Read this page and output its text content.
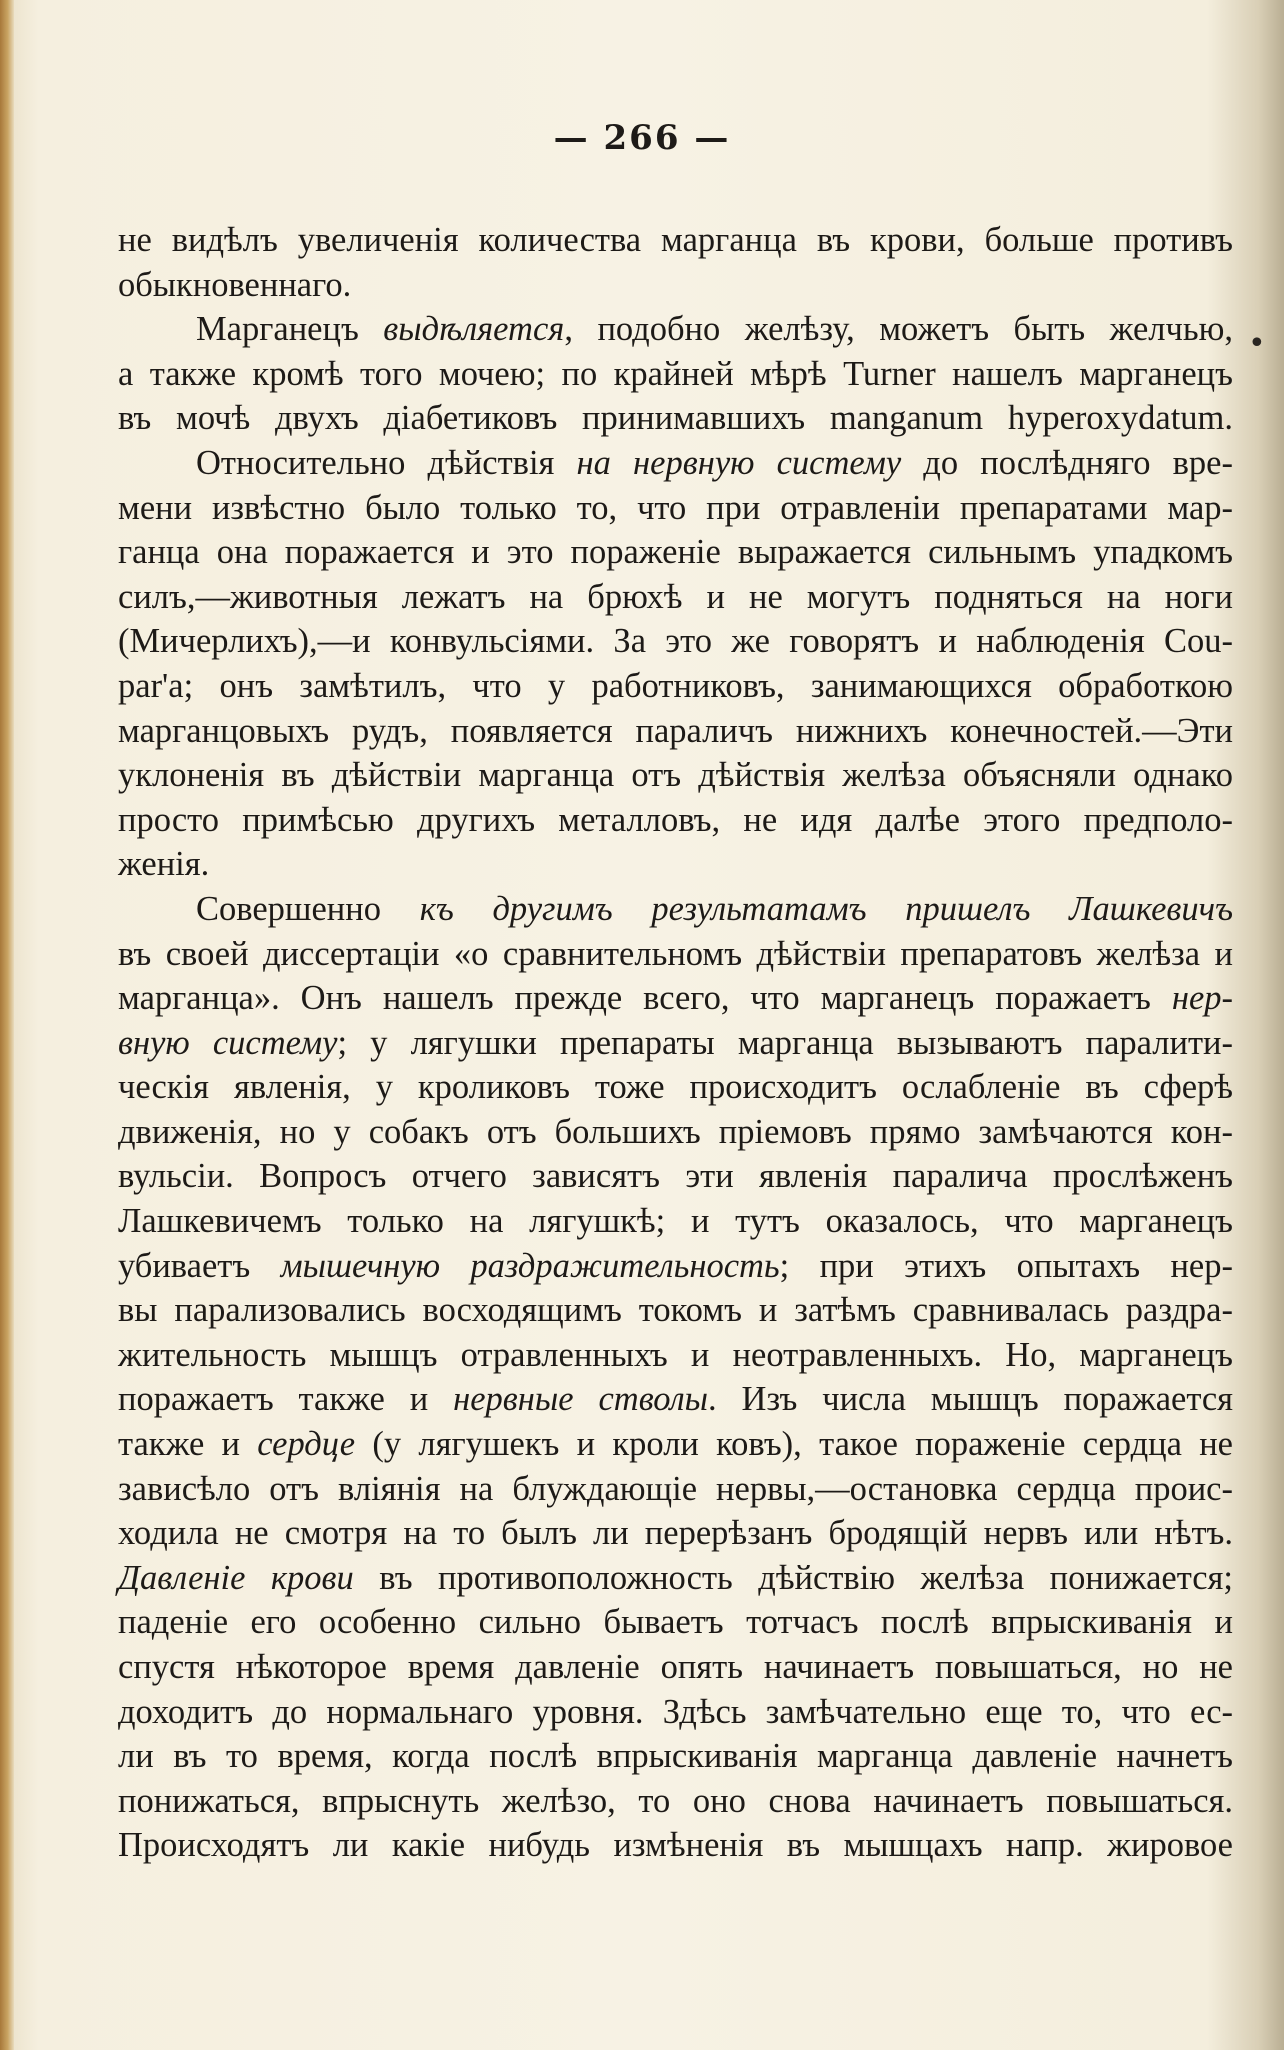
— 266 —
•
не видѣлъ увеличенія количества марганца въ крови, больше противъ
обыкновеннаго.
Марганецъ выдѣляется, подобно желѣзу, можетъ быть желчью,
а также кромѣ того мочею; по крайней мѣрѣ Turner нашелъ марганецъ
въ мочѣ двухъ діабетиковъ принимавшихъ manganum hyperoxydatum.
Относительно дѣйствія на нервную систему до послѣдняго вре-
мени извѣстно было только то, что при отравленіи препаратами мар-
ганца она поражается и это пораженіе выражается сильнымъ упадкомъ
силъ,—животныя лежатъ на брюхѣ и не могутъ подняться на ноги
(Мичерлихъ),—и конвульсіями. За это же говорятъ и наблюденія Cou-
par'a; онъ замѣтилъ, что у работниковъ, занимающихся обработкою
марганцовыхъ рудъ, появляется параличъ нижнихъ конечностей.—Эти
уклоненія въ дѣйствіи марганца отъ дѣйствія желѣза объясняли однако
просто примѣсью другихъ металловъ, не идя далѣе этого предполо-
женія.
Совершенно къ другимъ результатамъ пришелъ Лашкевичъ
въ своей диссертаціи «о сравнительномъ дѣйствіи препаратовъ желѣза и
марганца». Онъ нашелъ прежде всего, что марганецъ поражаетъ нер-
вную систему; у лягушки препараты марганца вызываютъ паралити-
ческія явленія, у кроликовъ тоже происходитъ ослабленіе въ сферѣ
движенія, но у собакъ отъ большихъ пріемовъ прямо замѣчаются кон-
вульсіи. Вопросъ отчего зависятъ эти явленія паралича прослѣженъ
Лашкевичемъ только на лягушкѣ; и тутъ оказалось, что марганецъ
убиваетъ мышечную раздражительность; при этихъ опытахъ нер-
вы парализовались восходящимъ токомъ и затѣмъ сравнивалась раздра-
жительность мышцъ отравленныхъ и неотравленныхъ. Но, марганецъ
поражаетъ также и нервные стволы. Изъ числа мышцъ поражается
также и сердце (у лягушекъ и кроли ковъ), такое пораженіе сердца не
зависѣло отъ вліянія на блуждающіе нервы,—остановка сердца проис-
ходила не смотря на то былъ ли перерѣзанъ бродящій нервъ или нѣтъ.
Давленіе крови въ противоположность дѣйствію желѣза понижается;
паденіе его особенно сильно бываетъ тотчасъ послѣ впрыскиванія и
спустя нѣкоторое время давленіе опять начинаетъ повышаться, но не
доходитъ до нормальнаго уровня. Здѣсь замѣчательно еще то, что ес-
ли въ то время, когда послѣ впрыскиванія марганца давленіе начнетъ
понижаться, впрыснуть желѣзо, то оно снова начинаетъ повышаться.
Происходятъ ли какіе нибудь измѣненія въ мышцахъ напр. жировое
